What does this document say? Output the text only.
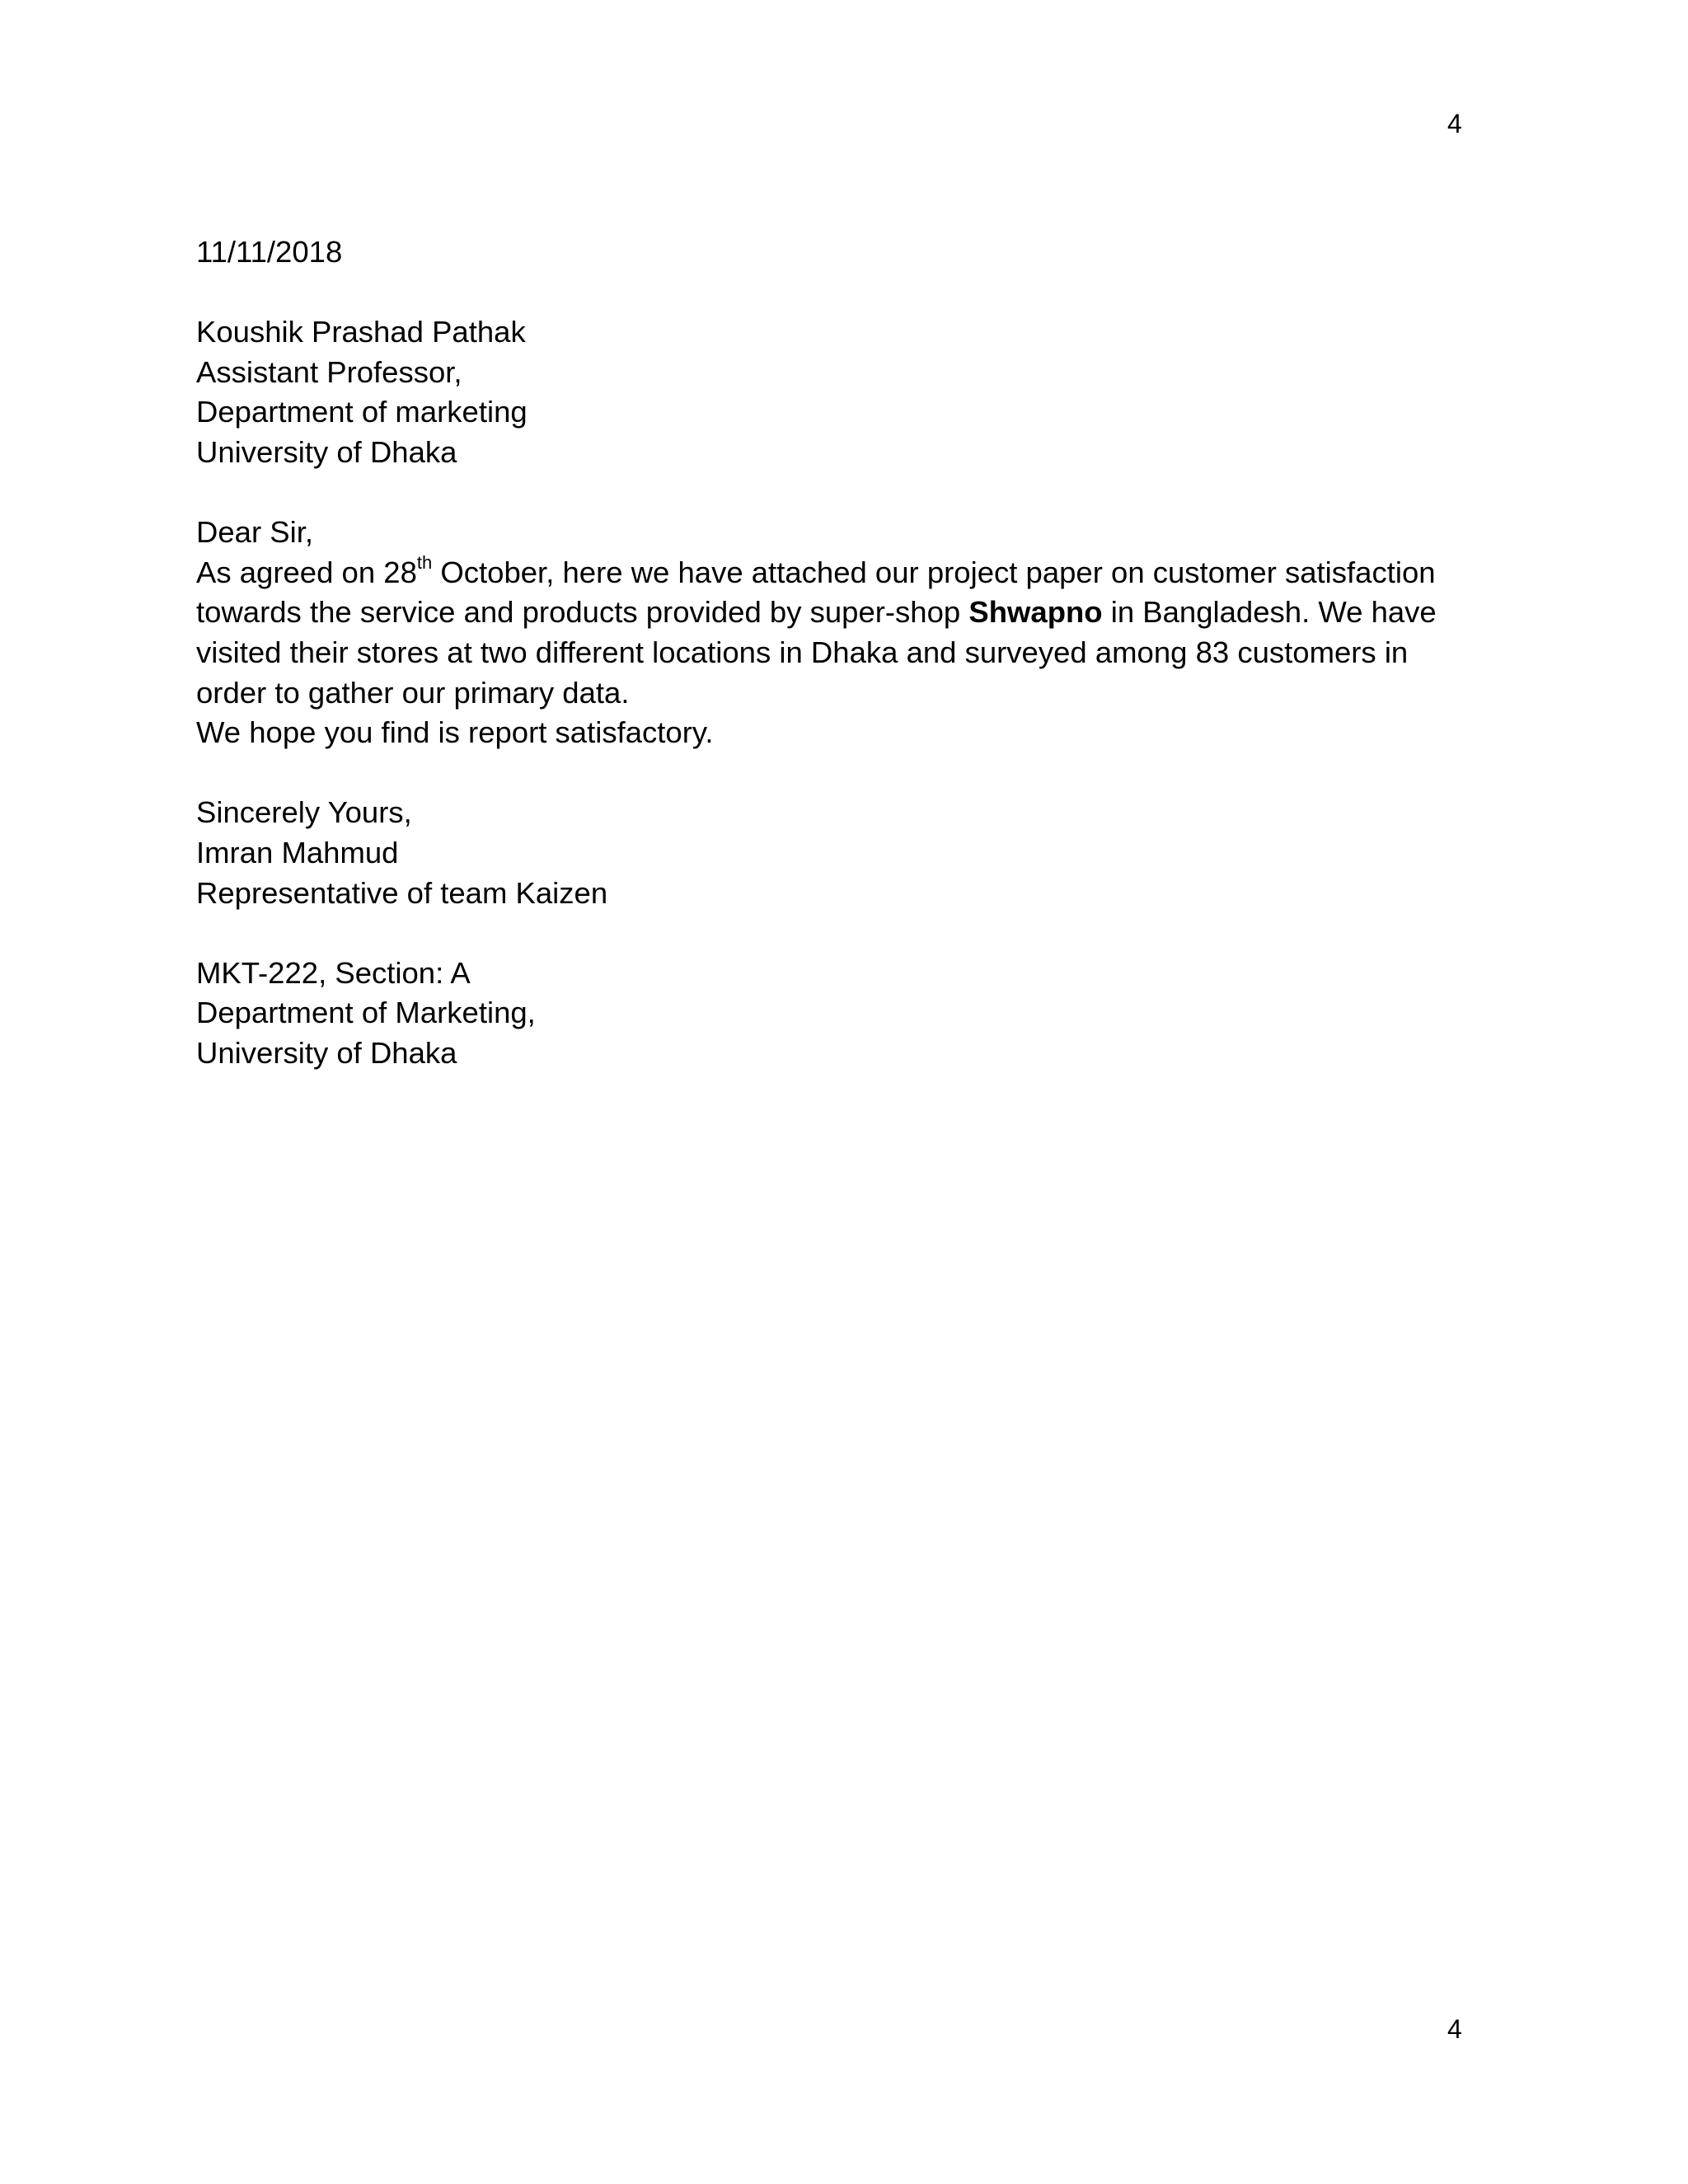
4
11/11/2018
Koushik Prashad Pathak
Assistant Professor,
Department of marketing
University of Dhaka
Dear Sir,
As agreed on 28th October, here we have attached our project paper on customer satisfaction towards the service and products provided by super-shop Shwapno in Bangladesh. We have visited their stores at two different locations in Dhaka and surveyed among 83 customers in order to gather our primary data.
We hope you find is report satisfactory.
Sincerely Yours,
Imran Mahmud
Representative of team Kaizen
MKT-222, Section: A
Department of Marketing,
University of Dhaka
4
